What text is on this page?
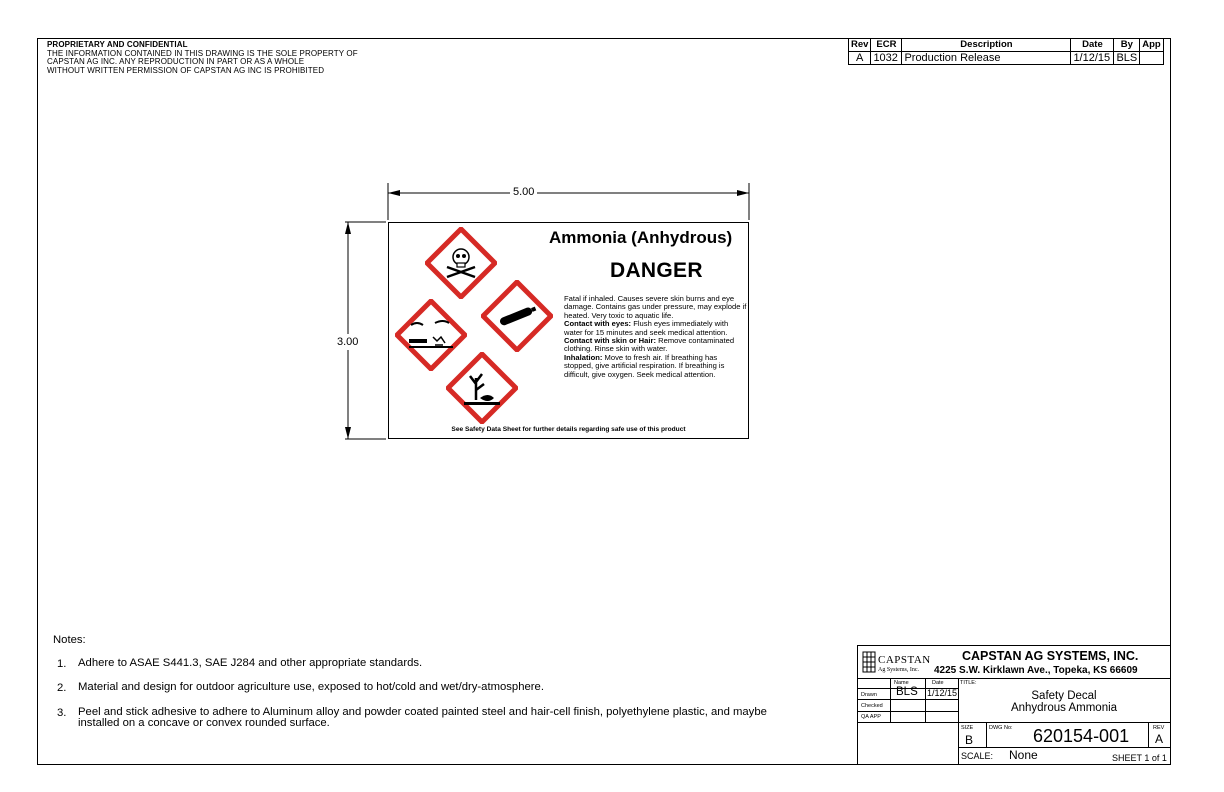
PROPRIETARY AND CONFIDENTIAL
THE INFORMATION CONTAINED IN THIS DRAWING IS THE SOLE PROPERTY OF
CAPSTAN AG INC. ANY REPRODUCTION IN PART OR AS A WHOLE
WITHOUT WRITTEN PERMISSION OF CAPSTAN AG INC IS PROHIBITED
Rev	ECR	Description	Date	By	App
A	1032	Production Release	1/12/15	BLS	
5.00
3.00
Ammonia (Anhydrous)
DANGER
Fatal if inhaled. Causes severe skin burns and eye damage. Contains gas under pressure, may explode if heated. Very toxic to aquatic life.
Contact with eyes: Flush eyes immediately with water for 15 minutes and seek medical attention.
Contact with skin or Hair: Remove contaminated clothing. Rinse skin with water.
Inhalation: Move to fresh air. If breathing has stopped, give artificial respiration. If breathing is difficult, give oxygen. Seek medical attention.
See Safety Data Sheet for further details regarding safe use of this product
Notes:
1. Adhere to ASAE S441.3, SAE J284 and other appropriate standards.
2. Material and design for outdoor agriculture use, exposed to hot/cold and wet/dry-atmosphere.
3. Peel and stick adhesive to adhere to Aluminum alloy and powder coated painted steel and hair-cell finish, polyethylene plastic, and maybe installed on a concave or convex rounded surface.
CAPSTAN
Ag Systems, Inc.
CAPSTAN AG SYSTEMS, INC.
4225 S.W. Kirklawn Ave., Topeka, KS 66609
Name	Date	TITLE:
Drawn BLS 1/12/15
Checked
QA APP
Safety Decal
Anhydrous Ammonia
SIZE
B
DWG No: 620154-001	REV
A
SCALE: None	SHEET 1 of 1
